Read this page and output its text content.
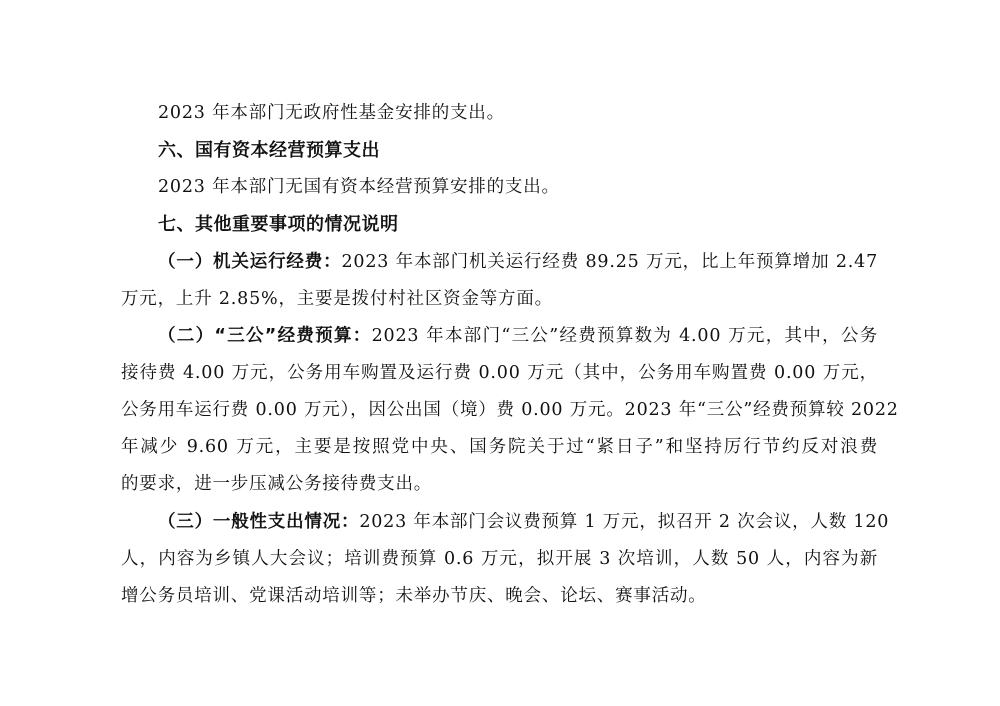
2023 年本部门无政府性基金安排的支出。
六、国有资本经营预算支出
2023 年本部门无国有资本经营预算安排的支出。
七、其他重要事项的情况说明
（一）机关运行经费：2023 年本部门机关运行经费 89.25 万元，比上年预算增加 2.47
万元，上升 2.85%，主要是拨付村社区资金等方面。
（二）“三公”经费预算：2023 年本部门“三公”经费预算数为 4.00 万元，其中，公务
接待费 4.00 万元，公务用车购置及运行费 0.00 万元（其中，公务用车购置费 0.00 万元，
公务用车运行费 0.00 万元），因公出国（境）费 0.00 万元。2023 年“三公”经费预算较 2022
年减少 9.60 万元，主要是按照党中央、国务院关于过“紧日子”和坚持厉行节约反对浪费
的要求，进一步压减公务接待费支出。
（三）一般性支出情况：2023 年本部门会议费预算 1 万元，拟召开 2 次会议，人数 120
人，内容为乡镇人大会议；培训费预算 0.6 万元，拟开展 3 次培训，人数 50 人，内容为新
增公务员培训、党课活动培训等；未举办节庆、晚会、论坛、赛事活动。
